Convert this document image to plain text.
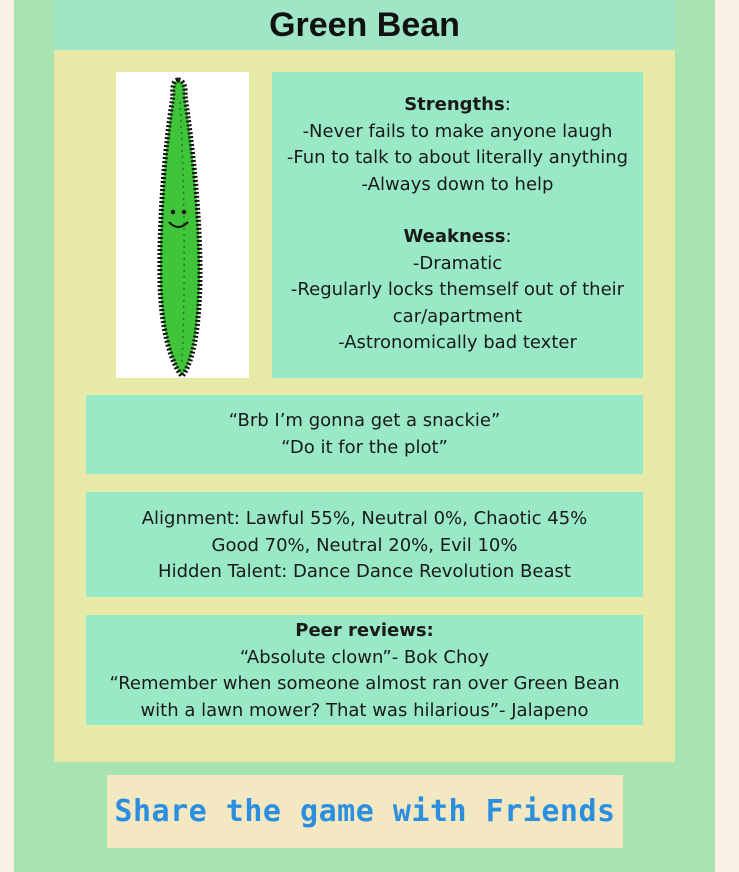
Green Bean
Strengths:
-Never fails to make anyone laugh
-Fun to talk to about literally anything
-Always down to help
Weakness:
-Dramatic
-Regularly locks themself out of their
car/apartment
-Astronomically bad texter
“Brb I’m gonna get a snackie”
“Do it for the plot”
Alignment: Lawful 55%, Neutral 0%, Chaotic 45%
Good 70%, Neutral 20%, Evil 10%
Hidden Talent: Dance Dance Revolution Beast
Peer reviews:
“Absolute clown”- Bok Choy
“Remember when someone almost ran over Green Bean
with a lawn mower? That was hilarious”- Jalapeno
Share the game with Friends
